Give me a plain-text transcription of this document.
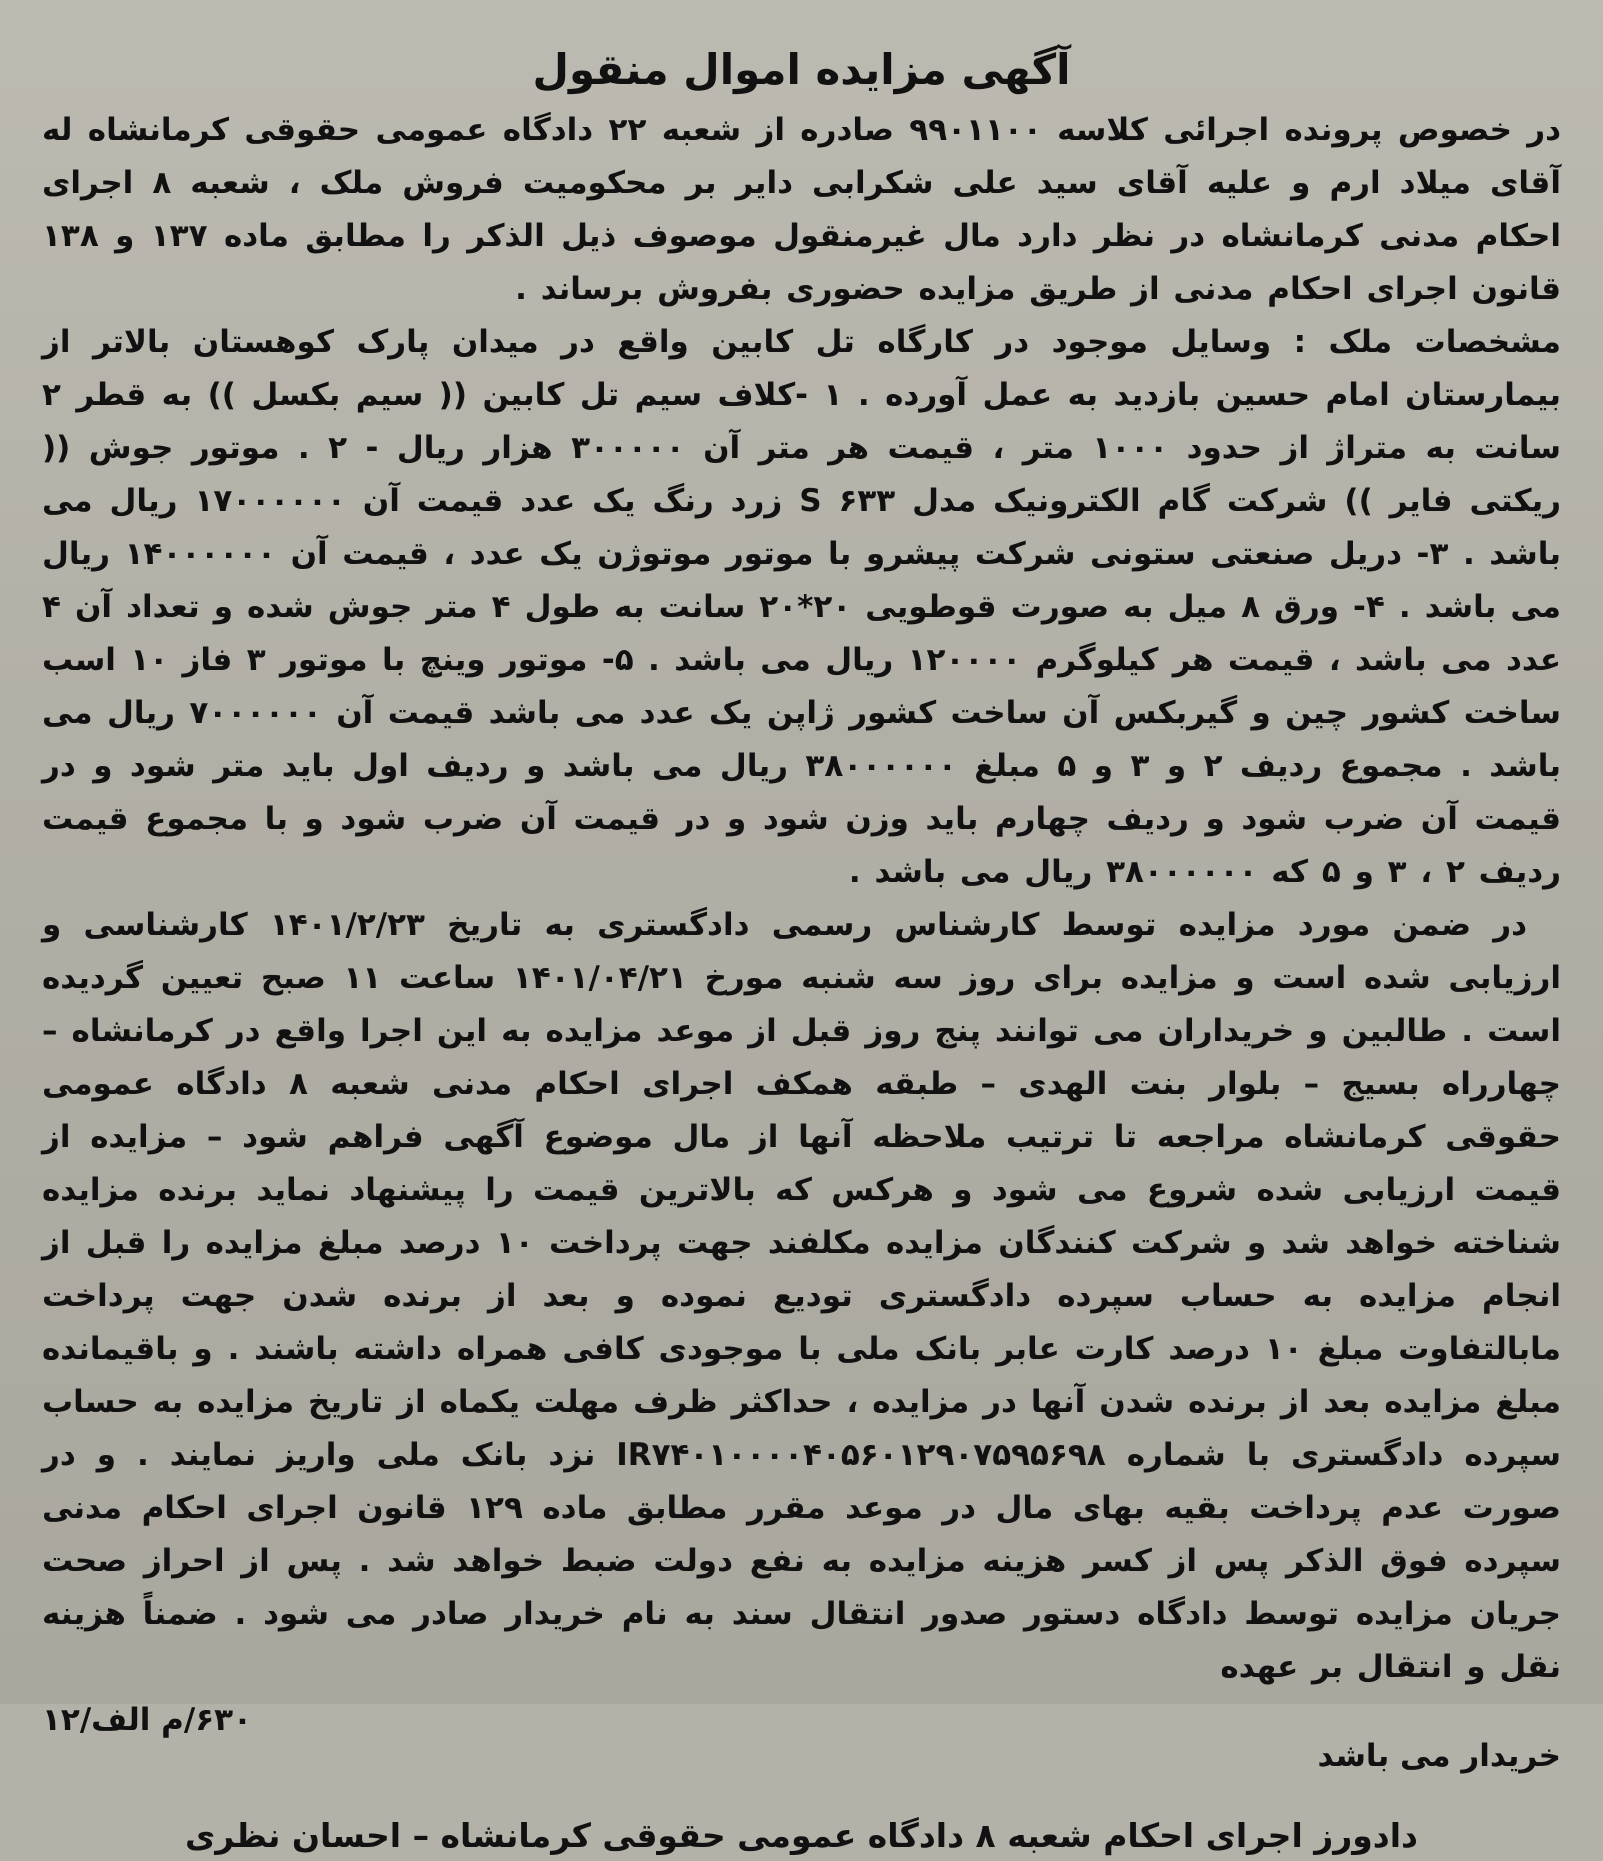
آگهی مزایده اموال منقول

در خصوص پرونده اجرائی کلاسه ۹۹۰۱۱۰۰ صادره از شعبه ۲۲ دادگاه عمومی حقوقی کرمانشاه له آقای میلاد ارم و علیه آقای سید علی شکرابی دایر بر محکومیت فروش ملک ، شعبه ۸ اجرای احکام مدنی کرمانشاه در نظر دارد مال غیرمنقول موصوف ذیل الذکر را مطابق ماده ۱۳۷ و ۱۳۸ قانون اجرای احکام مدنی از طریق مزایده حضوری بفروش برساند .

مشخصات ملک : وسایل موجود در کارگاه تل کابین واقع در میدان پارک کوهستان بالاتر از بیمارستان امام حسین بازدید به عمل آورده . ۱ -کلاف سیم تل کابین (( سیم بکسل )) به قطر ۲ سانت به متراژ از حدود ۱۰۰۰ متر ، قیمت هر متر آن ۳۰۰۰۰۰ هزار ریال - ۲ . موتور جوش (( ریکتی فایر )) شرکت گام الکترونیک مدل S ۶۳۳ زرد رنگ یک عدد قیمت آن ۱۷۰۰۰۰۰۰ ریال می باشد . ۳- دریل صنعتی ستونی شرکت پیشرو با موتور موتوژن یک عدد ، قیمت آن ۱۴۰۰۰۰۰۰ ریال می باشد . ۴- ورق ۸ میل به صورت قوطویی ۲۰*۲۰ سانت به طول ۴ متر جوش شده و تعداد آن ۴ عدد می باشد ، قیمت هر کیلوگرم ۱۲۰۰۰۰ ریال می باشد . ۵- موتور وینچ با موتور ۳ فاز ۱۰ اسب ساخت کشور چین و گیربکس آن ساخت کشور ژاپن یک عدد می باشد قیمت آن ۷۰۰۰۰۰۰ ریال می باشد . مجموع ردیف ۲ و ۳ و ۵ مبلغ ۳۸۰۰۰۰۰۰ ریال می باشد و ردیف اول باید متر شود و در قیمت آن ضرب شود و ردیف چهارم باید وزن شود و در قیمت آن ضرب شود و با مجموع قیمت ردیف ۲ ، ۳ و ۵ که ۳۸۰۰۰۰۰۰ ریال می باشد .

در ضمن مورد مزایده توسط کارشناس رسمی دادگستری به تاریخ ۱۴۰۱/۲/۲۳ کارشناسی و ارزیابی شده است و مزایده برای روز سه شنبه مورخ ۱۴۰۱/۰۴/۲۱ ساعت ۱۱ صبح تعیین گردیده است . طالبین و خریداران می توانند پنج روز قبل از موعد مزایده به این اجرا واقع در کرمانشاه – چهارراه بسیج – بلوار بنت الهدی – طبقه همکف اجرای احکام مدنی شعبه ۸ دادگاه عمومی حقوقی کرمانشاه مراجعه تا ترتیب ملاحظه آنها از مال موضوع آگهی فراهم شود – مزایده از قیمت ارزیابی شده شروع می شود و هرکس که بالاترین قیمت را پیشنهاد نماید برنده مزایده شناخته خواهد شد و شرکت کنندگان مزایده مکلفند جهت پرداخت ۱۰ درصد مبلغ مزایده را قبل از انجام مزایده به حساب سپرده دادگستری تودیع نموده و بعد از برنده شدن جهت پرداخت مابالتفاوت مبلغ ۱۰ درصد کارت عابر بانک ملی با موجودی کافی همراه داشته باشند . و باقیمانده مبلغ مزایده بعد از برنده شدن آنها در مزایده ، حداکثر ظرف مهلت یکماه از تاریخ مزایده به حساب سپرده دادگستری با شماره IR۷۴۰۱۰۰۰۰۴۰۵۶۰۱۲۹۰۷۵۹۵۶۹۸ نزد بانک ملی واریز نمایند . و در صورت عدم پرداخت بقیه بهای مال در موعد مقرر مطابق ماده ۱۲۹ قانون اجرای احکام مدنی سپرده فوق الذکر پس از کسر هزینه مزایده به نفع دولت ضبط خواهد شد . پس از احراز صحت جریان مزایده توسط دادگاه دستور صدور انتقال سند به نام خریدار صادر می شود . ضمناً هزینه نقل و انتقال بر عهده

خریدار می باشد
۶۳۰/م الف/۱۲
دادورز اجرای احکام شعبه ۸ دادگاه عمومی حقوقی کرمانشاه – احسان نظری
